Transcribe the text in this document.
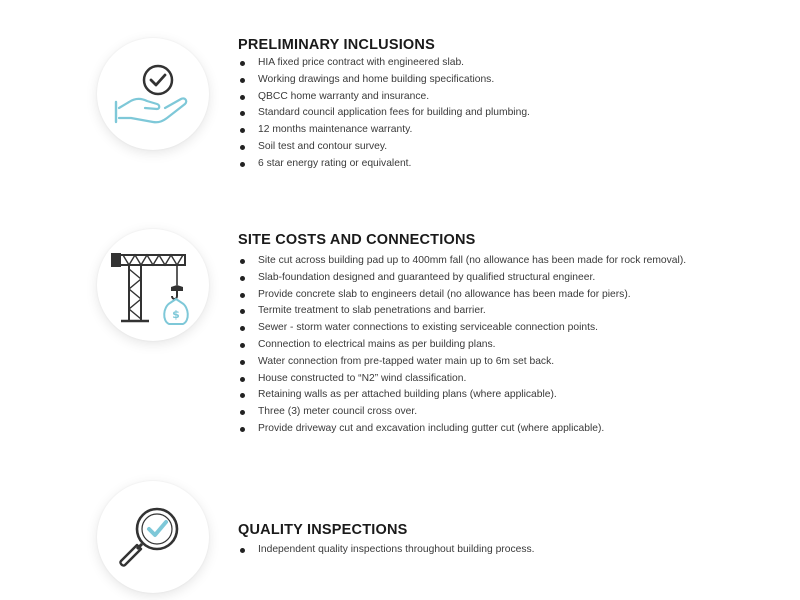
PRELIMINARY INCLUSIONS
HIA fixed price contract with engineered slab.
Working drawings and home building specifications.
QBCC home warranty and insurance.
Standard council application fees for building and plumbing.
12 months maintenance warranty.
Soil test and contour survey.
6 star energy rating or equivalent.
$
SITE COSTS AND CONNECTIONS
Site cut across building pad up to 400mm fall (no allowance has been made for rock removal).
Slab-foundation designed and guaranteed by qualified structural engineer.
Provide concrete slab to engineers detail (no allowance has been made for piers).
Termite treatment to slab penetrations and barrier.
Sewer - storm water connections to existing serviceable connection points.
Connection to electrical mains as per building plans.
Water connection from pre-tapped water main up to 6m set back.
House constructed to “N2” wind classification.
Retaining walls as per attached building plans (where applicable).
Three (3) meter council cross over.
Provide driveway cut and excavation including gutter cut (where applicable).
QUALITY INSPECTIONS
Independent quality inspections throughout building process.
